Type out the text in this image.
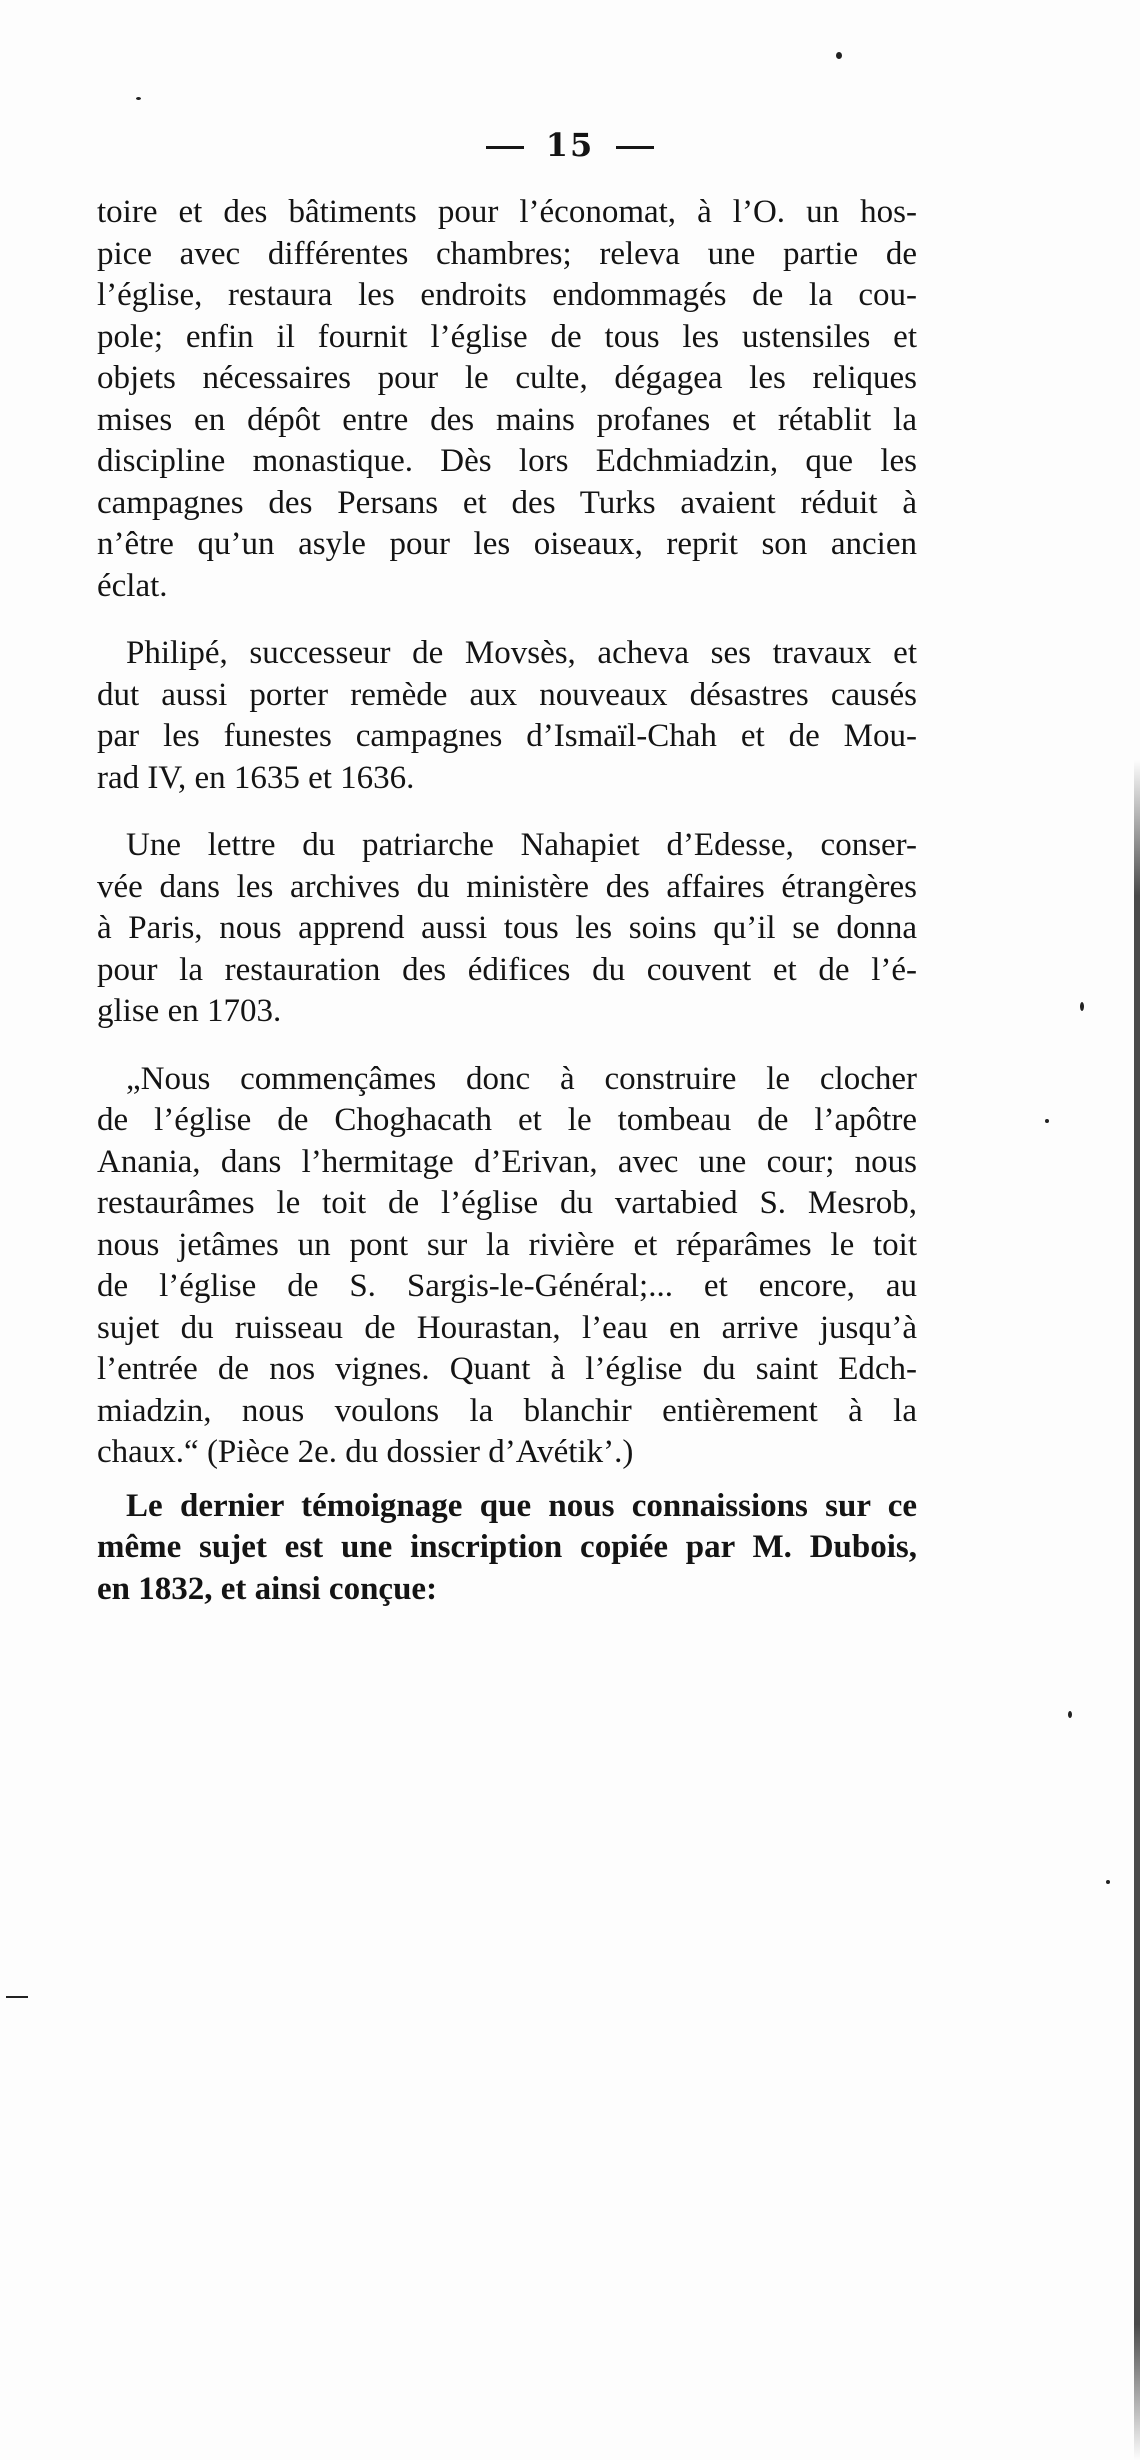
15
toire et des bâtiments pour l’économat, à l’O. un hos-
pice avec différentes chambres; releva une partie de
l’église, restaura les endroits endommagés de la cou-
pole; enfin il fournit l’église de tous les ustensiles et
objets nécessaires pour le culte, dégagea les reliques
mises en dépôt entre des mains profanes et rétablit la
discipline monastique. Dès lors Edchmiadzin, que les
campagnes des Persans et des Turks avaient réduit à
n’être qu’un asyle pour les oiseaux, reprit son ancien
éclat.
Philipé, successeur de Movsès, acheva ses travaux et
dut aussi porter remède aux nouveaux désastres causés
par les funestes campagnes d’Ismaïl-Chah et de Mou-
rad IV, en 1635 et 1636.
Une lettre du patriarche Nahapiet d’Edesse, conser-
vée dans les archives du ministère des affaires étrangères
à Paris, nous apprend aussi tous les soins qu’il se donna
pour la restauration des édifices du couvent et de l’é-
glise en 1703.
„Nous commençâmes donc à construire le clocher
de l’église de Choghacath et le tombeau de l’apôtre
Anania, dans l’hermitage d’Erivan, avec une cour; nous
restaurâmes le toit de l’église du vartabied S. Mesrob,
nous jetâmes un pont sur la rivière et réparâmes le toit
de l’église de S. Sargis-le-Général;... et encore, au
sujet du ruisseau de Hourastan, l’eau en arrive jusqu’à
l’entrée de nos vignes. Quant à l’église du saint Edch-
miadzin, nous voulons la blanchir entièrement à la
chaux.“ (Pièce 2e. du dossier d’Avétik’.)
Le dernier témoignage que nous connaissions sur ce
même sujet est une inscription copiée par M. Dubois,
en 1832, et ainsi conçue:
